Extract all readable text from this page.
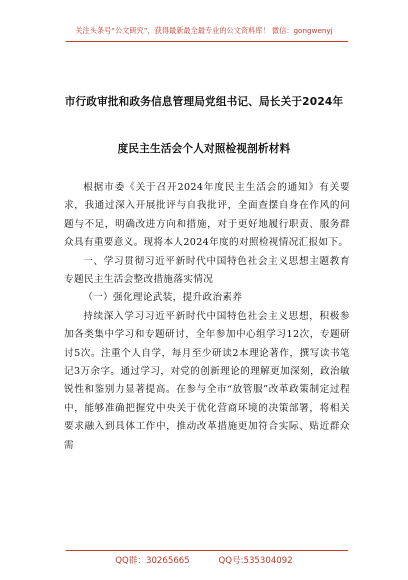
关注头条号“公文研究”，获得最新最全最专业的公文资料库！ 微信：gongwenyj
市行政审批和政务信息管理局党组书记、局长关于2024年
度民主生活会个人对照检视剖析材料

根据市委《关于召开2024年度民主生活会的通知》有关要求，我通过深入开展批评与自我批评，全面查摆自身在作风的问题与不足，明确改进方向和措施，对于更好地履行职责、服务群众具有重要意义。现将本人2024年度的对照检视情况汇报如下。

一、学习贯彻习近平新时代中国特色社会主义思想主题教育专题民主生活会整改措施落实情况

（一）强化理论武装，提升政治素养

持续深入学习习近平新时代中国特色社会主义思想，积极参加各类集中学习和专题研讨，全年参加中心组学习12次，专题研讨5次。注重个人自学，每月至少研读2本理论著作，撰写读书笔记3万余字。通过学习，对党的创新理论的理解更加深刻，政治敏锐性和鉴别力显著提高。在参与全市“放管服”改革政策制定过程中，能够准确把握党中央关于优化营商环境的决策部署，将相关要求融入到具体工作中，推动改革措施更加符合实际、贴近群众需

QQ群：30265665	QQ号:535304092
